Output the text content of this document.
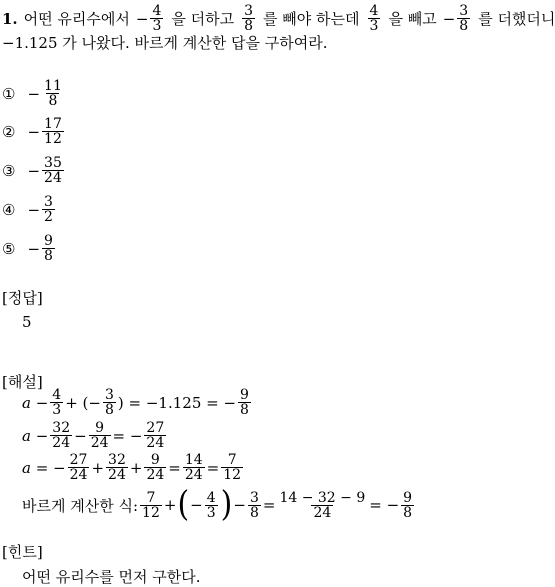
1. 어떤 유리수에서 − $\frac{4}{3}$ 을 더하고 $\frac{3}{8}$ 를 빼야 하는데 $\frac{4}{3}$ 을 빼고 − $\frac{3}{8}$ 를 더했더니
−1.125 가 나왔다. 바르게 계산한 답을 구하여라.
① − $\frac{11}{8}$
② − $\frac{17}{12}$
③ − $\frac{35}{24}$
④ − $\frac{3}{2}$
⑤ − $\frac{9}{8}$
[정답]
5
[해설]
$a - \frac{4}{3}$ + (− $\frac{3}{8}$ ) = −1.125 = − $\frac{9}{8}$
$a - \frac{32}{24} - \frac{9}{24}$ = − $\frac{27}{24}$
a = − $\frac{27}{24} + \frac{32}{24} + \frac{9}{24} = \frac{14}{24} = \frac{7}{12}$
바르게 계산한 식: $\frac{7}{12}$ + ( − $\frac{4}{3}$ ) − $\frac{3}{8} = \frac{14 - 32 - 9}{24}$ = − $\frac{9}{8}$
[힌트]
어떤 유리수를 먼저 구한다.
